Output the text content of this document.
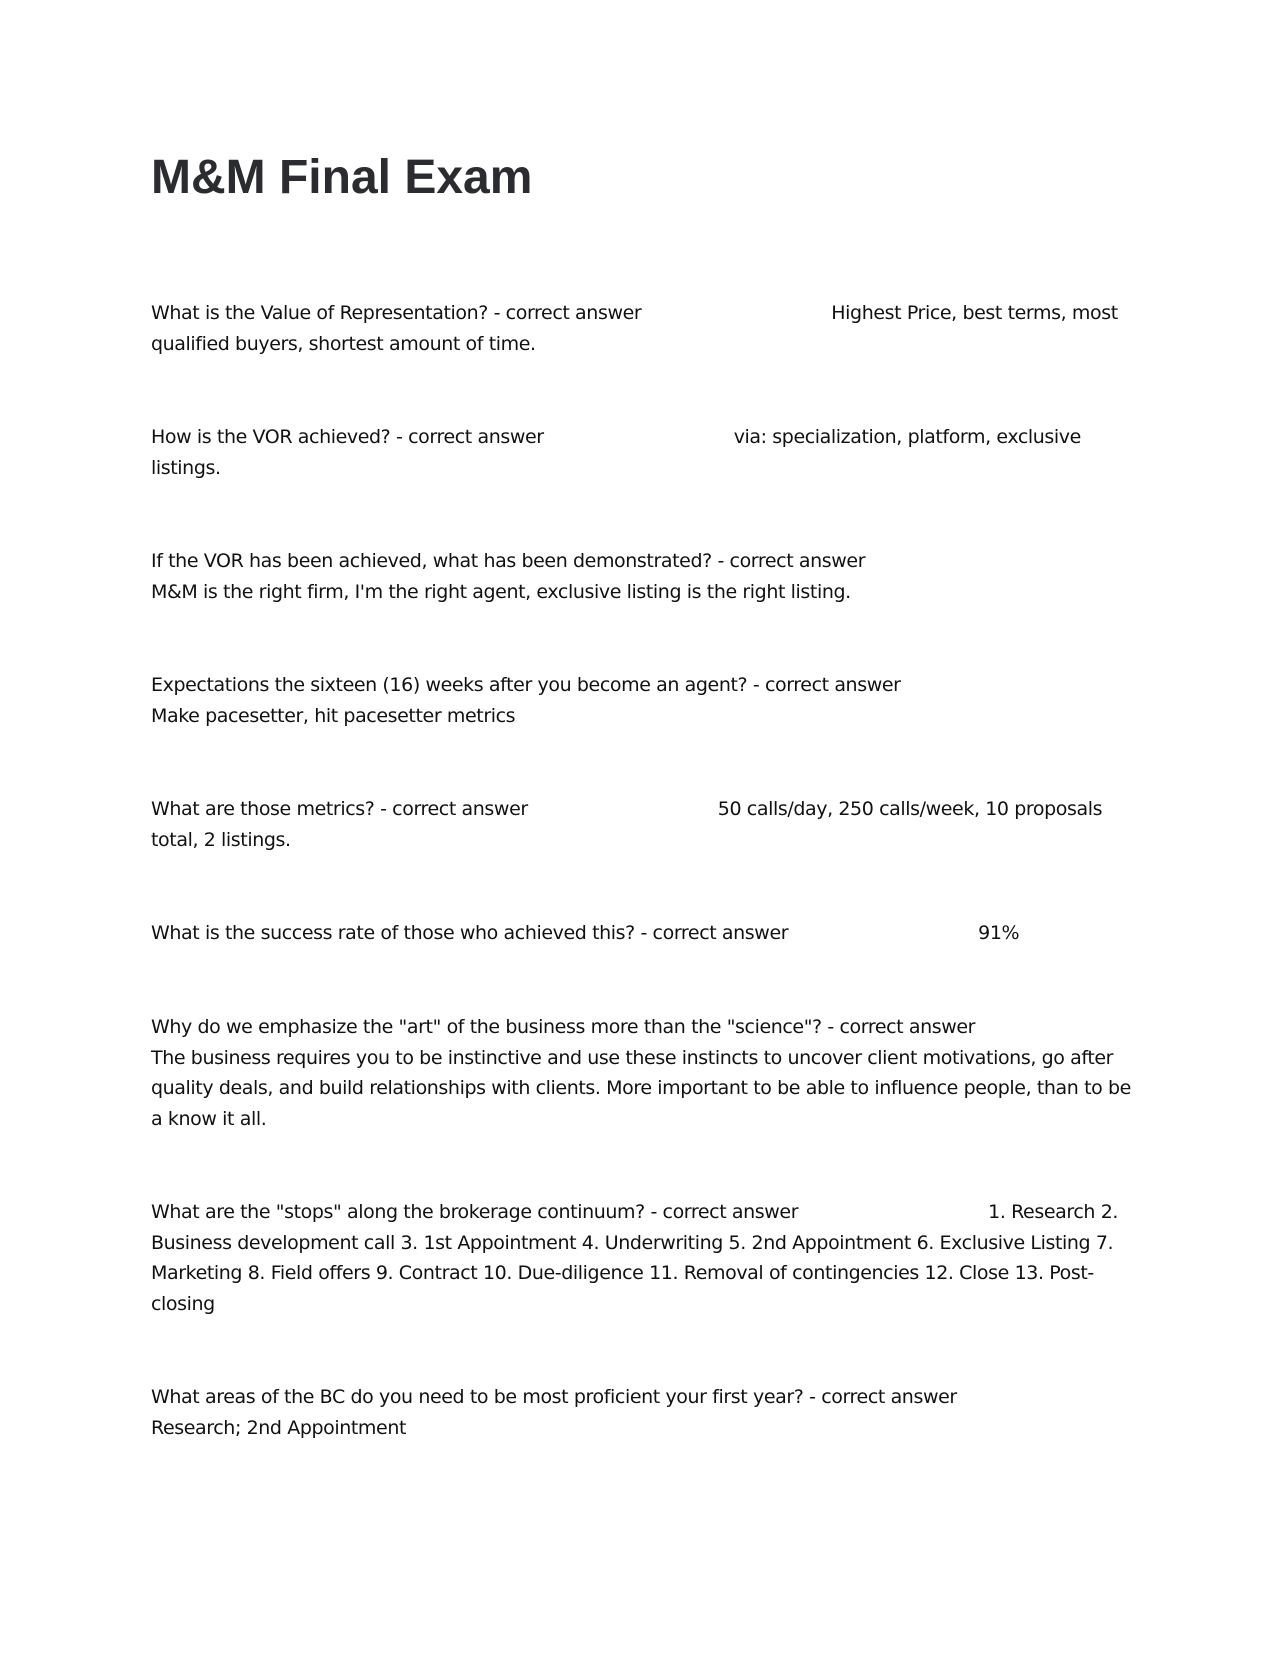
M&M Final Exam

What is the Value of Representation? - correct answer	Highest Price, best terms, most qualified buyers, shortest amount of time.

How is the VOR achieved? - correct answer	via: specialization, platform, exclusive listings.

If the VOR has been achieved, what has been demonstrated? - correct answer
M&M is the right firm, I'm the right agent, exclusive listing is the right listing.

Expectations the sixteen (16) weeks after you become an agent? - correct answer
Make pacesetter, hit pacesetter metrics

What are those metrics? - correct answer	50 calls/day, 250 calls/week, 10 proposals total, 2 listings.

What is the success rate of those who achieved this? - correct answer	91%

Why do we emphasize the "art" of the business more than the "science"? - correct answer
The business requires you to be instinctive and use these instincts to uncover client motivations, go after quality deals, and build relationships with clients. More important to be able to influence people, than to be a know it all.

What are the "stops" along the brokerage continuum? - correct answer	1. Research 2. Business development call 3. 1st Appointment 4. Underwriting 5. 2nd Appointment 6. Exclusive Listing 7. Marketing 8. Field offers 9. Contract 10. Due-diligence 11. Removal of contingencies 12. Close 13. Post-closing

What areas of the BC do you need to be most proficient your first year? - correct answer
Research; 2nd Appointment
